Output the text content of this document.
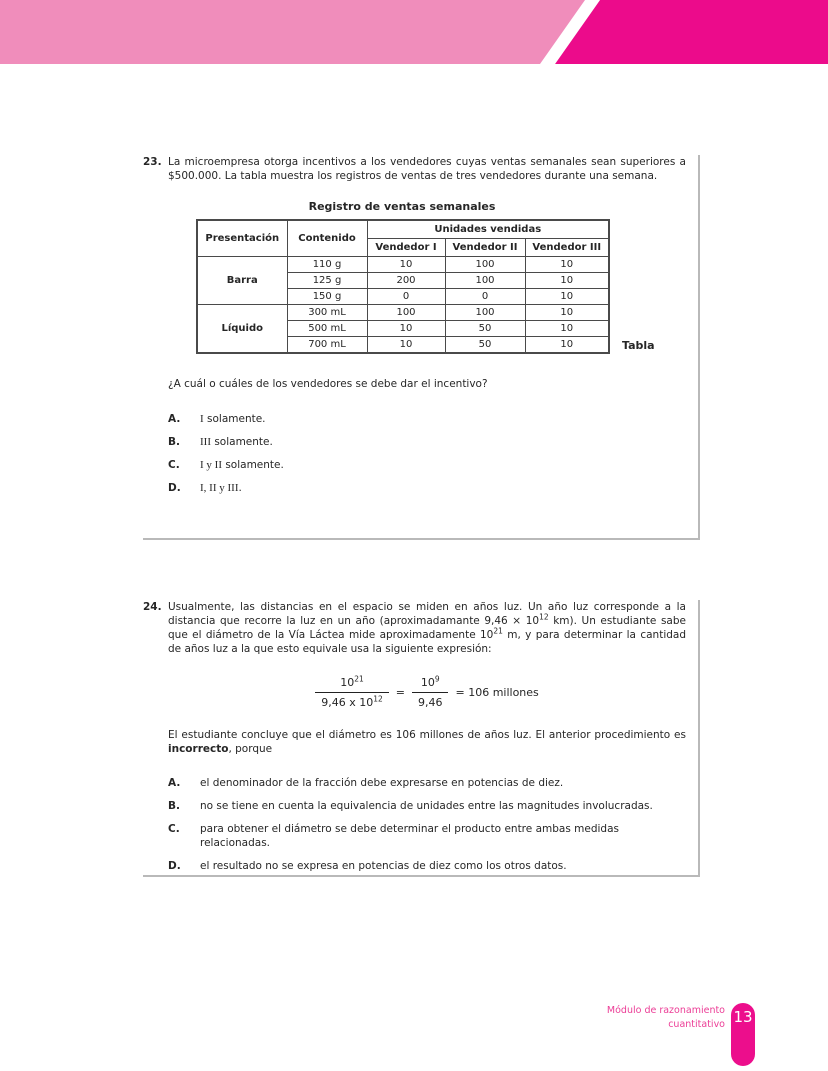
23. La microempresa otorga incentivos a los vendedores cuyas ventas semanales sean superiores a $500.000. La tabla muestra los registros de ventas de tres vendedores durante una semana.

Registro de ventas semanales
Presentación	Contenido	Unidades vendidas		
		Vendedor I	Vendedor II	Vendedor III
Barra	110 g	10	100	10
	125 g	200	100	10
	150 g	0	0	10
Líquido	300 mL	100	100	10
	500 mL	10	50	10
	700 mL	10	50	10	Tabla

¿A cuál o cuáles de los vendedores se debe dar el incentivo?

A.	I solamente.
B.	III solamente.
C.	I y II solamente.
D.	I, II y III.
24. Usualmente, las distancias en el espacio se miden en años luz. Un año luz corresponde a la distancia que recorre la luz en un año (aproximadamante $9,46 \times 10^{12}$ km). Un estudiante sabe que el diámetro de la Vía Láctea mide aproximadamente $10^{21}$ m, y para determinar la cantidad de años luz a la que esto equivale usa la siguiente expresión:

$\frac{10^{21}}{9,46 x 10^{12}} = \frac{10^9}{9,46} = 106$ millones

El estudiante concluye que el diámetro es 106 millones de años luz. El anterior procedimiento es incorrecto, porque

A.	el denominador de la fracción debe expresarse en potencias de diez.
B.	no se tiene en cuenta la equivalencia de unidades entre las magnitudes involucradas.
C.	para obtener el diámetro se debe determinar el producto entre ambas medidas relacionadas.
D.	el resultado no se expresa en potencias de diez como los otros datos.
Módulo de razonamiento
cuantitativo 13
